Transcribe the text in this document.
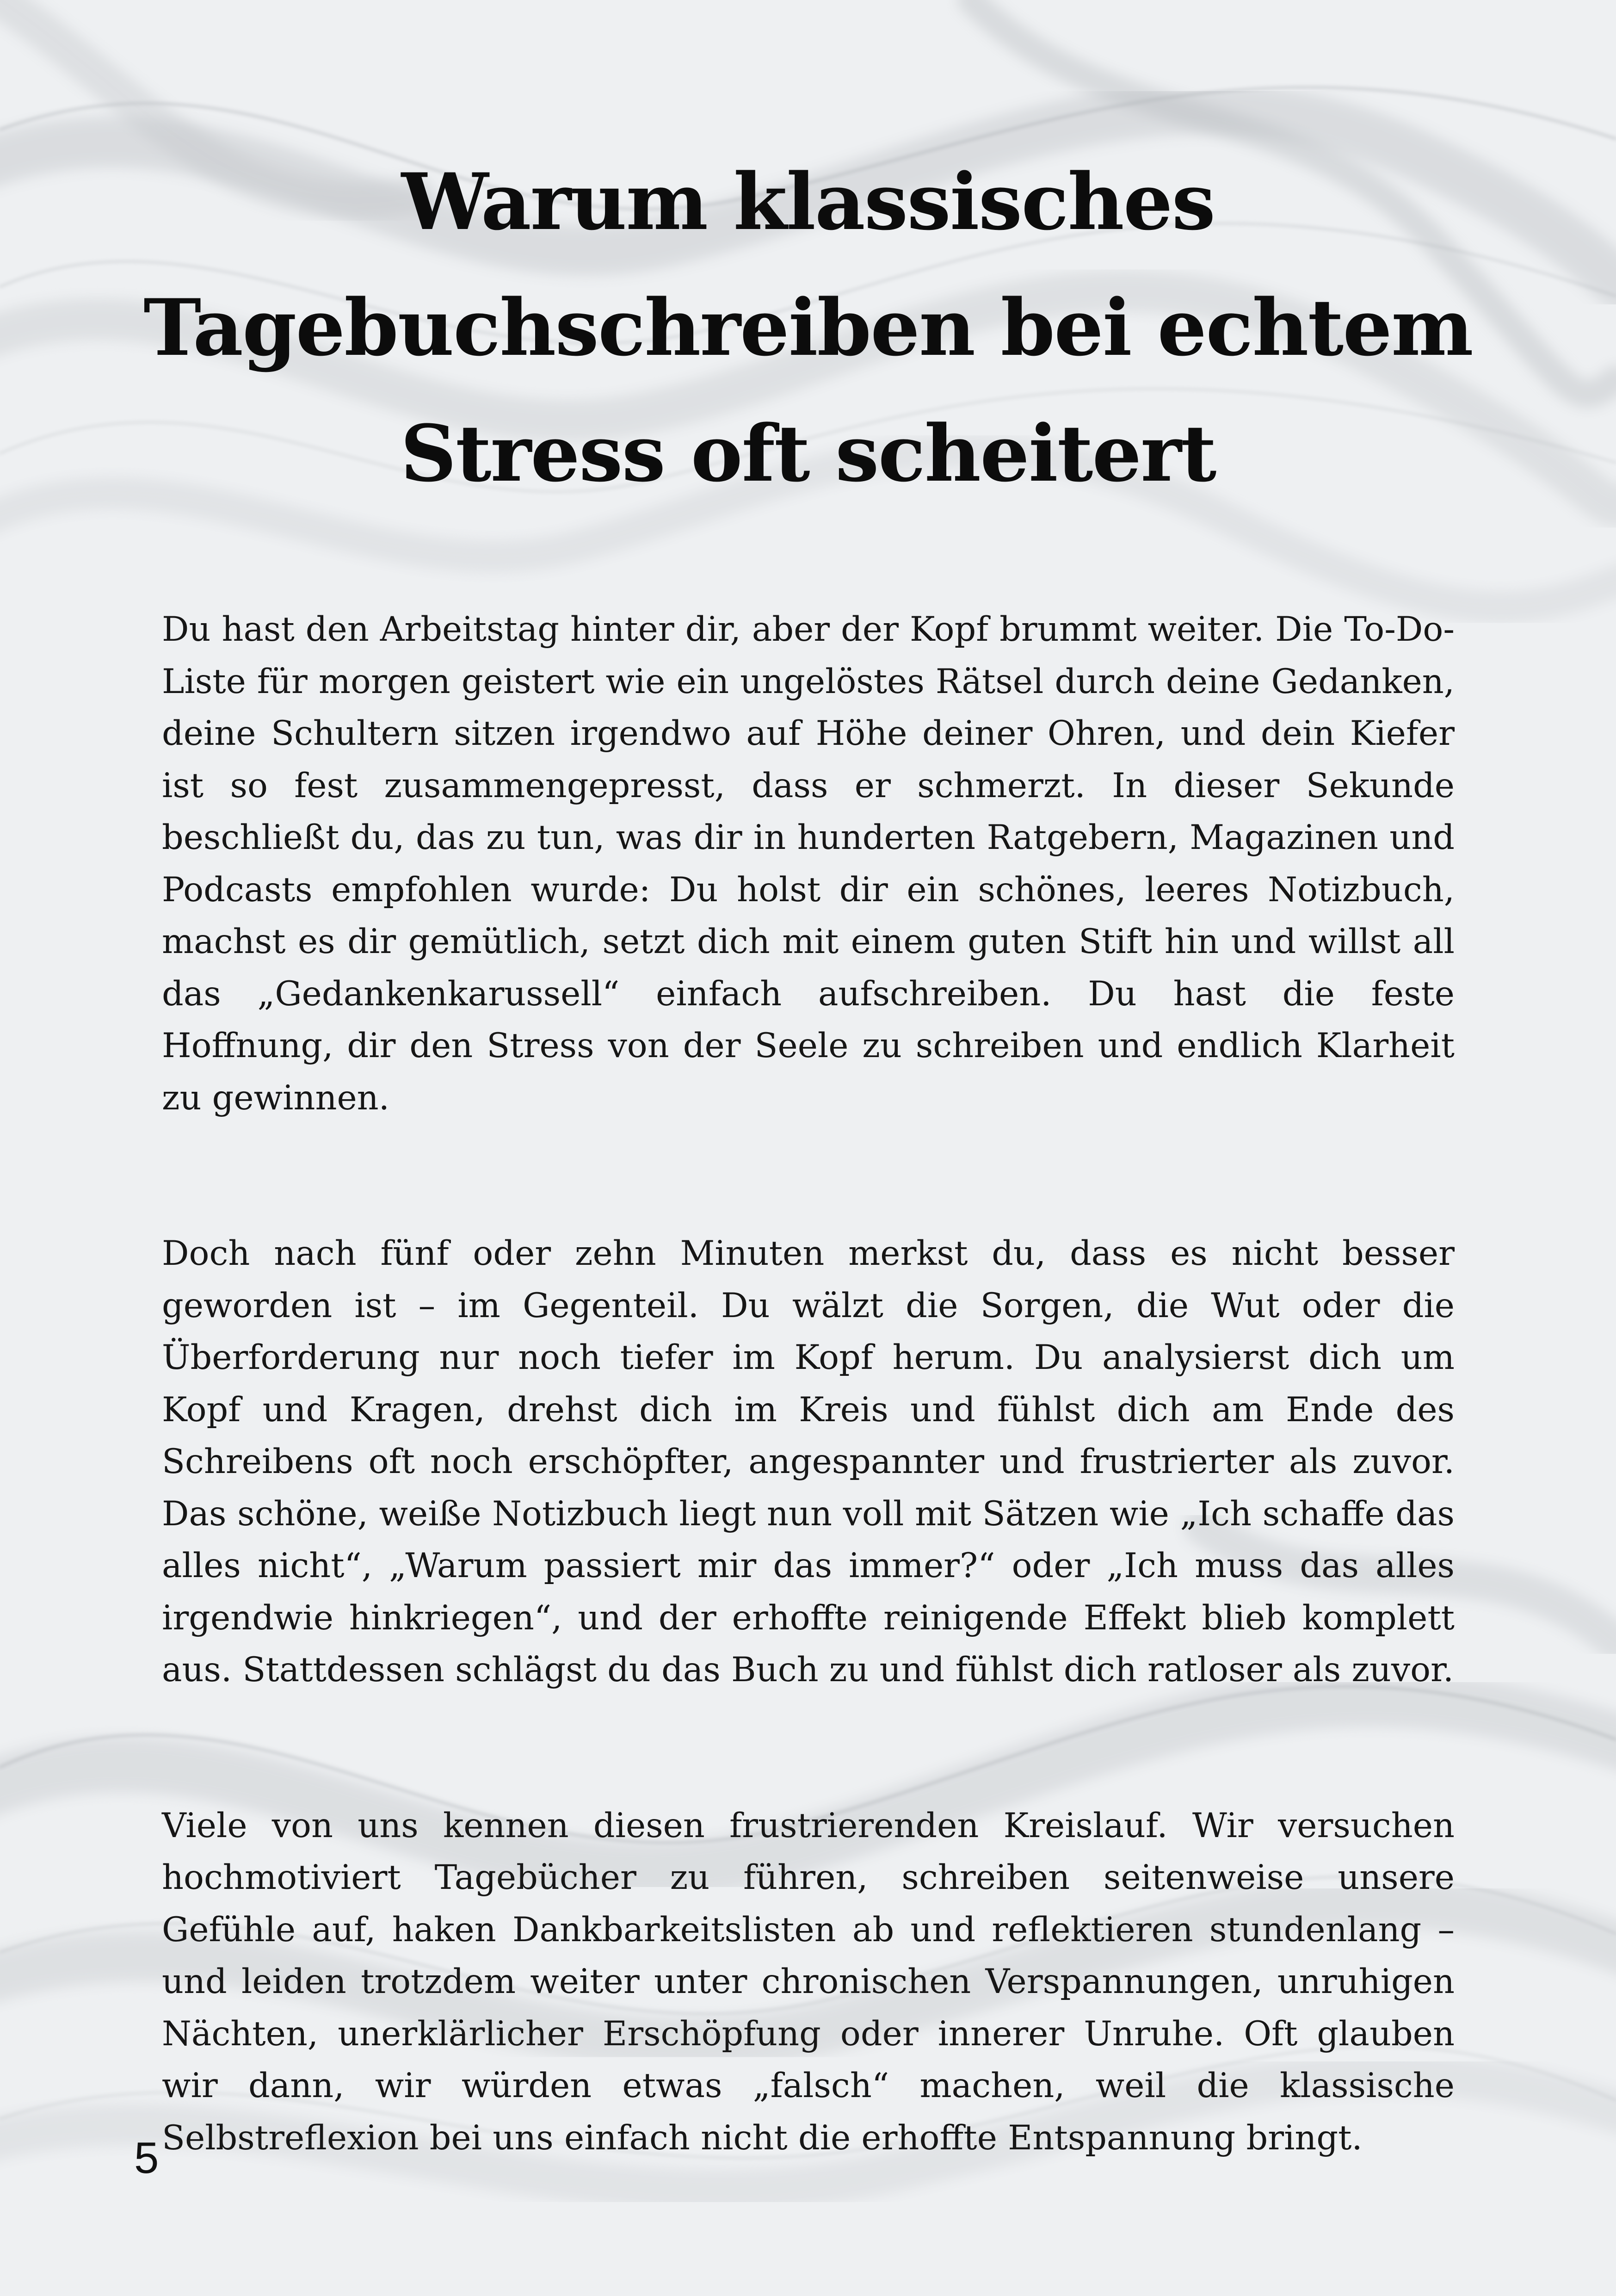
Warum klassisches
Tagebuchschreiben bei echtem
Stress oft scheitert

Du hast den Arbeitstag hinter dir, aber der Kopf brummt weiter. Die To-Do-Liste für morgen geistert wie ein ungelöstes Rätsel durch deine Gedanken, deine Schultern sitzen irgendwo auf Höhe deiner Ohren, und dein Kiefer ist so fest zusammengepresst, dass er schmerzt. In dieser Sekunde beschließt du, das zu tun, was dir in hunderten Ratgebern, Magazinen und Podcasts empfohlen wurde: Du holst dir ein schönes, leeres Notizbuch, machst es dir gemütlich, setzt dich mit einem guten Stift hin und willst all das „Gedankenkarussell“ einfach aufschreiben. Du hast die feste Hoffnung, dir den Stress von der Seele zu schreiben und endlich Klarheit zu gewinnen.

Doch nach fünf oder zehn Minuten merkst du, dass es nicht besser geworden ist – im Gegenteil. Du wälzt die Sorgen, die Wut oder die Überforderung nur noch tiefer im Kopf herum. Du analysierst dich um Kopf und Kragen, drehst dich im Kreis und fühlst dich am Ende des Schreibens oft noch erschöpfter, angespannter und frustrierter als zuvor. Das schöne, weiße Notizbuch liegt nun voll mit Sätzen wie „Ich schaffe das alles nicht“, „Warum passiert mir das immer?“ oder „Ich muss das alles irgendwie hinkriegen“, und der erhoffte reinigende Effekt blieb komplett aus. Stattdessen schlägst du das Buch zu und fühlst dich ratloser als zuvor.

Viele von uns kennen diesen frustrierenden Kreislauf. Wir versuchen hochmotiviert Tagebücher zu führen, schreiben seitenweise unsere Gefühle auf, haken Dankbarkeitslisten ab und reflektieren stundenlang – und leiden trotzdem weiter unter chronischen Verspannungen, unruhigen Nächten, unerklärlicher Erschöpfung oder innerer Unruhe. Oft glauben wir dann, wir würden etwas „falsch“ machen, weil die klassische Selbstreflexion bei uns einfach nicht die erhoffte Entspannung bringt.

5
